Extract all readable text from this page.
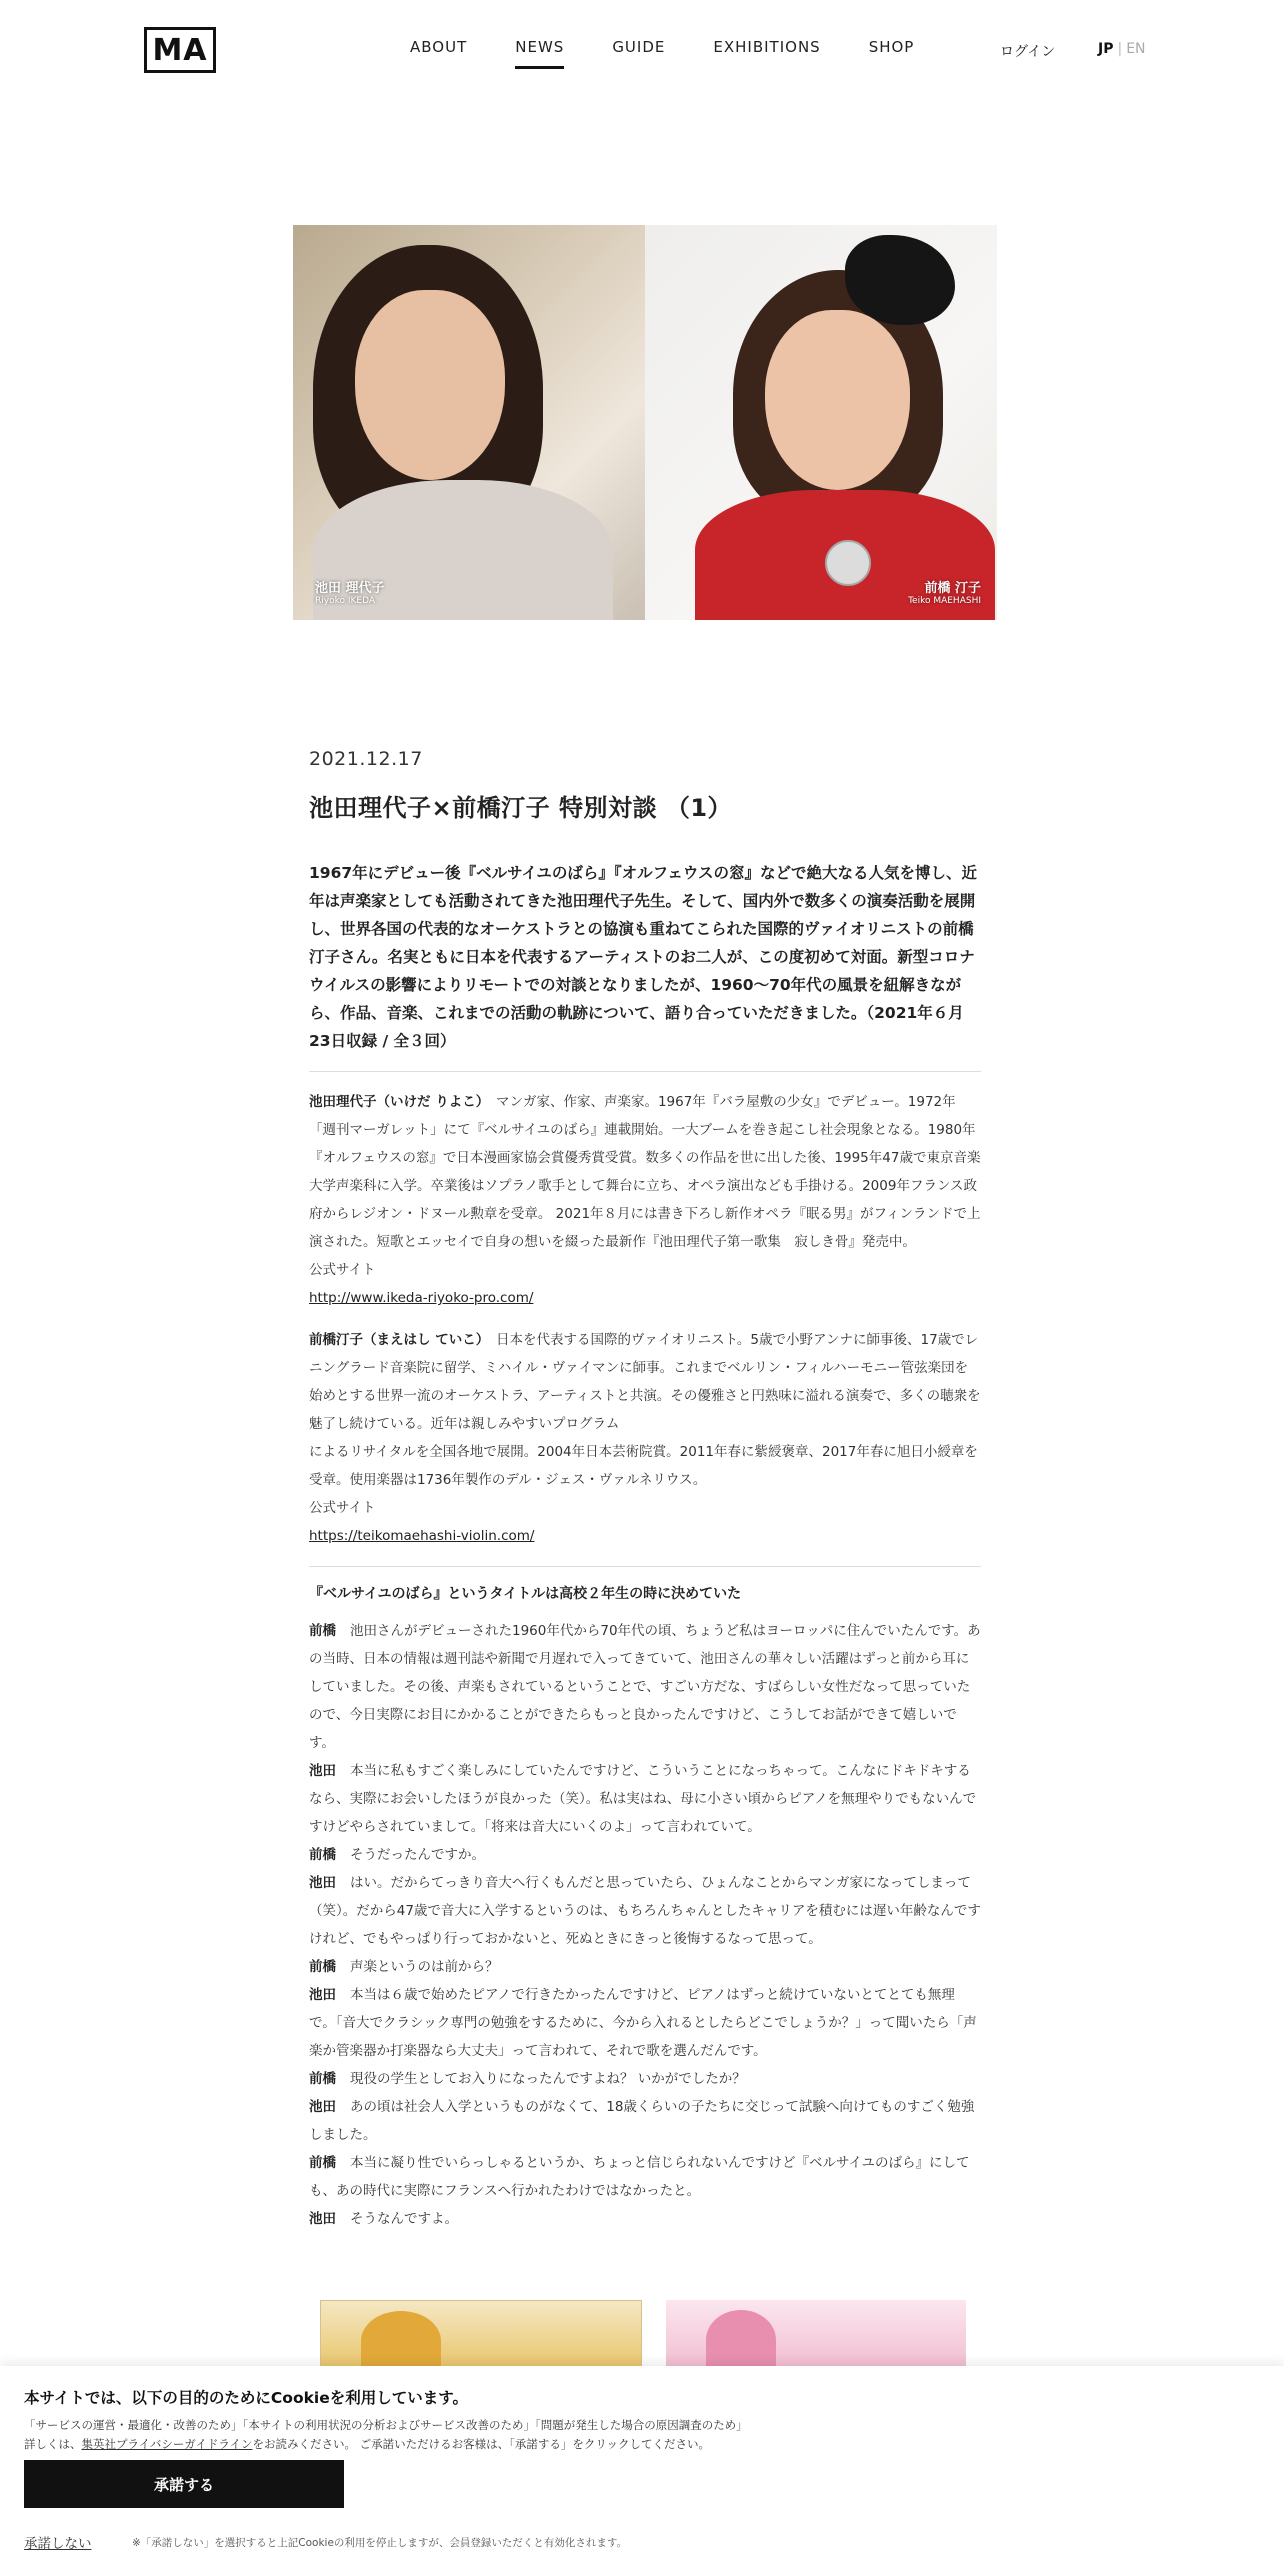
MA	ABOUT	NEWS	GUIDE	EXHIBITIONS	SHOP	ログイン	JP | EN
池田 理代子
Riyoko IKEDA
前橋 汀子
Teiko MAEHASHI
2021.12.17
池田理代子×前橋汀子 特別対談 （1）

1967年にデビュー後『ベルサイユのばら』『オルフェウスの窓』などで絶大なる人気を博し、近年は声楽家としても活動されてきた池田理代子先生。そして、国内外で数多くの演奏活動を展開し、世界各国の代表的なオーケストラとの協演も重ねてこられた国際的ヴァイオリニストの前橋汀子さん。名実ともに日本を代表するアーティストのお二人が、この度初めて対面。新型コロナウイルスの影響によりリモートでの対談となりましたが、1960〜70年代の風景を紐解きながら、作品、音楽、これまでの活動の軌跡について、語り合っていただきました。（2021年６月23日収録 / 全３回）

池田理代子（いけだ りよこ）　 マンガ家、作家、声楽家。1967年『バラ屋敷の少女』でデビュー。1972年「週刊マーガレット」にて『ベルサイユのばら』連載開始。一大ブームを巻き起こし社会現象となる。1980年『オルフェウスの窓』で日本漫画家協会賞優秀賞受賞。数多くの作品を世に出した後、1995年47歳で東京音楽大学声楽科に入学。卒業後はソプラノ歌手として舞台に立ち、オペラ演出なども手掛ける。2009年フランス政府からレジオン・ドヌール勲章を受章。 2021年８月には書き下ろし新作オペラ『眠る男』がフィンランドで上演された。短歌とエッセイで自身の想いを綴った最新作『池田理代子第一歌集　寂しき骨』発売中。
公式サイト
http://www.ikeda-riyoko-pro.com/
前橋汀子（まえはし ていこ）　 日本を代表する国際的ヴァイオリニスト。5歳で小野アンナに師事後、17歳でレニングラード音楽院に留学、ミハイル・ヴァイマンに師事。これまでベルリン・フィルハーモニー管弦楽団を始めとする世界一流のオーケストラ、アーティストと共演。その優雅さと円熟味に溢れる演奏で、多くの聴衆を魅了し続けている。近年は親しみやすいプログラム
によるリサイタルを全国各地で展開。2004年日本芸術院賞。2011年春に紫綬褒章、2017年春に旭日小綬章を受章。使用楽器は1736年製作のデル・ジェス・ヴァルネリウス。
公式サイト
https://teikomaehashi-violin.com/
『ベルサイユのばら』というタイトルは高校２年生の時に決めていた

前橋 池田さんがデビューされた1960年代から70年代の頃、ちょうど私はヨーロッパに住んでいたんです。あの当時、日本の情報は週刊誌や新聞で月遅れで入ってきていて、池田さんの華々しい活躍はずっと前から耳にしていました。その後、声楽もされているということで、すごい方だな、すばらしい女性だなって思っていたので、今日実際にお目にかかることができたらもっと良かったんですけど、こうしてお話ができて嬉しいです。

池田 本当に私もすごく楽しみにしていたんですけど、こういうことになっちゃって。こんなにドキドキするなら、実際にお会いしたほうが良かった（笑）。私は実はね、母に小さい頃からピアノを無理やりでもないんですけどやらされていまして。「将来は音大にいくのよ」って言われていて。

前橋 そうだったんですか。

池田 はい。だからてっきり音大へ行くもんだと思っていたら、ひょんなことからマンガ家になってしまって（笑）。だから47歳で音大に入学するというのは、もちろんちゃんとしたキャリアを積むには遅い年齢なんですけれど、でもやっぱり行っておかないと、死ぬときにきっと後悔するなって思って。

前橋 声楽というのは前から？

池田 本当は６歳で始めたピアノで行きたかったんですけど、ピアノはずっと続けていないとてとても無理で。「音大でクラシック専門の勉強をするために、今から入れるとしたらどこでしょうか？」って聞いたら「声楽か管楽器か打楽器なら大丈夫」って言われて、それで歌を選んだんです。

前橋 現役の学生としてお入りになったんですよね？ いかがでしたか？

池田 あの頃は社会人入学というものがなくて、18歳くらいの子たちに交じって試験へ向けてものすごく勉強しました。

前橋 本当に凝り性でいらっしゃるというか、ちょっと信じられないんですけど『ベルサイユのばら』にしても、あの時代に実際にフランスへ行かれたわけではなかったと。

池田 そうなんですよ。

本サイトでは、以下の目的のためにCookieを利用しています。
「サービスの運営・最適化・改善のため」「本サイトの利用状況の分析およびサービス改善のため」「問題が発生した場合の原因調査のため」
詳しくは、集英社プライバシーガイドラインをお読みください。 ご承諾いただけるお客様は、「承諾する」をクリックしてください。
承諾する
承諾しない	※「承諾しない」を選択すると上記Cookieの利用を停止しますが、会員登録いただくと有効化されます。
